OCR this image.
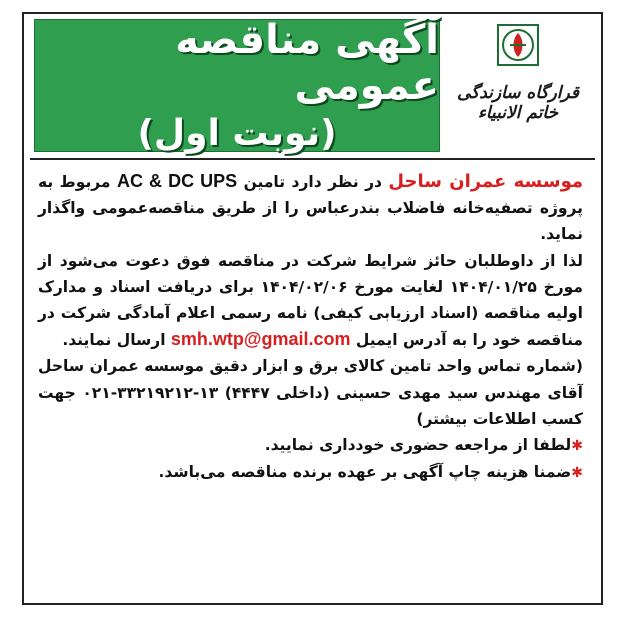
آگهی مناقصه عمومی
(نوبت اول)
قرارگاه سازندگی خاتم الانبیاء

موسسه عمران ساحل در نظر دارد تامین AC & DC UPS مربوط به پروژه تصفیه‌خانه فاضلاب بندرعباس را از طریق مناقصه‌عمومی واگذار نماید.

لذا از داوطلبان حائز شرایط شرکت در مناقصه فوق دعوت می‌شود از مورخ ۱۴۰۴/۰۱/۲۵ لغایت مورخ ۱۴۰۴/۰۲/۰۶ برای دریافت اسناد و مدارک اولیه مناقصه (اسناد ارزیابی کیفی) نامه رسمی اعلام آمادگی شرکت در مناقصه خود را به آدرس ایمیل smh.wtp@gmail.com ارسال نمایند.

(شماره تماس واحد تامین کالای برق و ابزار دقیق موسسه عمران ساحل آقای مهندس سید مهدی حسینی (داخلی ۴۴۴۷) ۱۳-۳۳۲۱۹۲۱۲-۰۲۱ جهت کسب اطلاعات بیشتر)

✱لطفا از مراجعه حضوری خودداری نمایید.

✱ضمنا هزینه چاپ آگهی بر عهده برنده مناقصه می‌باشد.
